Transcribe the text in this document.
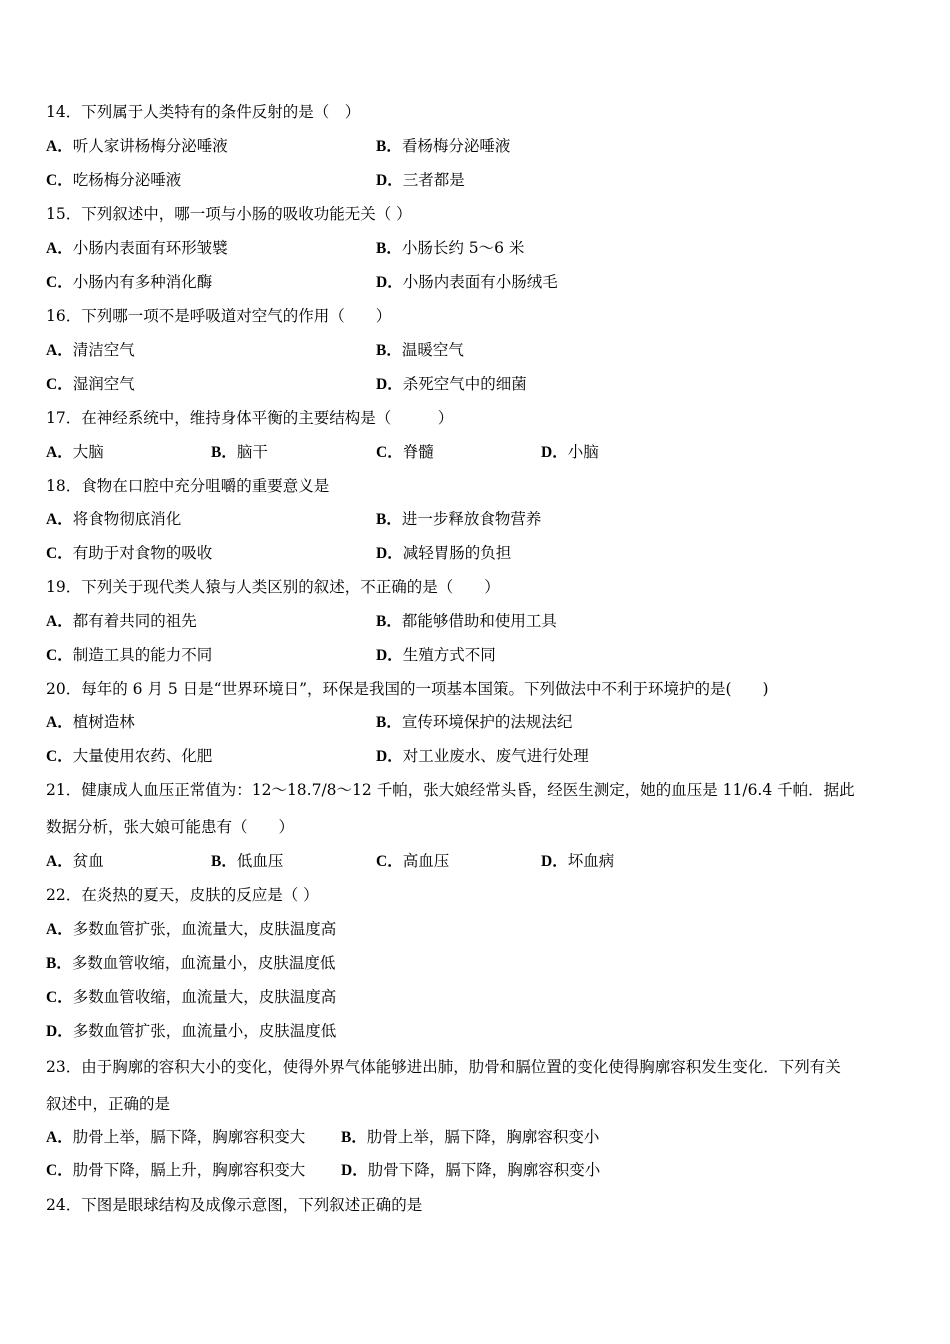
14．下列属于人类特有的条件反射的是（　）
A．听人家讲杨梅分泌唾液	B．看杨梅分泌唾液
C．吃杨梅分泌唾液	D．三者都是
15．下列叙述中，哪一项与小肠的吸收功能无关（ ）
A．小肠内表面有环形皱襞	B．小肠长约 5～6 米
C．小肠内有多种消化酶	D．小肠内表面有小肠绒毛
16．下列哪一项不是呼吸道对空气的作用（　　）
A．清洁空气	B．温暖空气
C．湿润空气	D．杀死空气中的细菌
17．在神经系统中，维持身体平衡的主要结构是（　　　）
A．大脑	B．脑干	C．脊髓	D．小脑
18．食物在口腔中充分咀嚼的重要意义是
A．将食物彻底消化	B．进一步释放食物营养
C．有助于对食物的吸收	D．减轻胃肠的负担
19．下列关于现代类人猿与人类区别的叙述，不正确的是（　　）
A．都有着共同的祖先	B．都能够借助和使用工具
C．制造工具的能力不同	D．生殖方式不同
20．每年的 6 月 5 日是“世界环境日”，环保是我国的一项基本国策。下列做法中不利于环境护的是(　　)
A．植树造林	B．宣传环境保护的法规法纪
C．大量使用农药、化肥	D．对工业废水、废气进行处理
21．健康成人血压正常值为：12～18.7/8～12 千帕，张大娘经常头昏，经医生测定，她的血压是 11/6.4 千帕．据此
数据分析，张大娘可能患有（　　）
A．贫血	B．低血压	C．高血压	D．坏血病
22．在炎热的夏天，皮肤的反应是（ ）
A．多数血管扩张，血流量大，皮肤温度高
B．多数血管收缩，血流量小，皮肤温度低
C．多数血管收缩，血流量大，皮肤温度高
D．多数血管扩张，血流量小，皮肤温度低
23．由于胸廓的容积大小的变化，使得外界气体能够进出肺，肋骨和膈位置的变化使得胸廓容积发生变化．下列有关
叙述中，正确的是
A．肋骨上举，膈下降，胸廓容积变大 B．肋骨上举，膈下降，胸廓容积变小
C．肋骨下降，膈上升，胸廓容积变大 D．肋骨下降，膈下降，胸廓容积变小
24．下图是眼球结构及成像示意图，下列叙述正确的是
